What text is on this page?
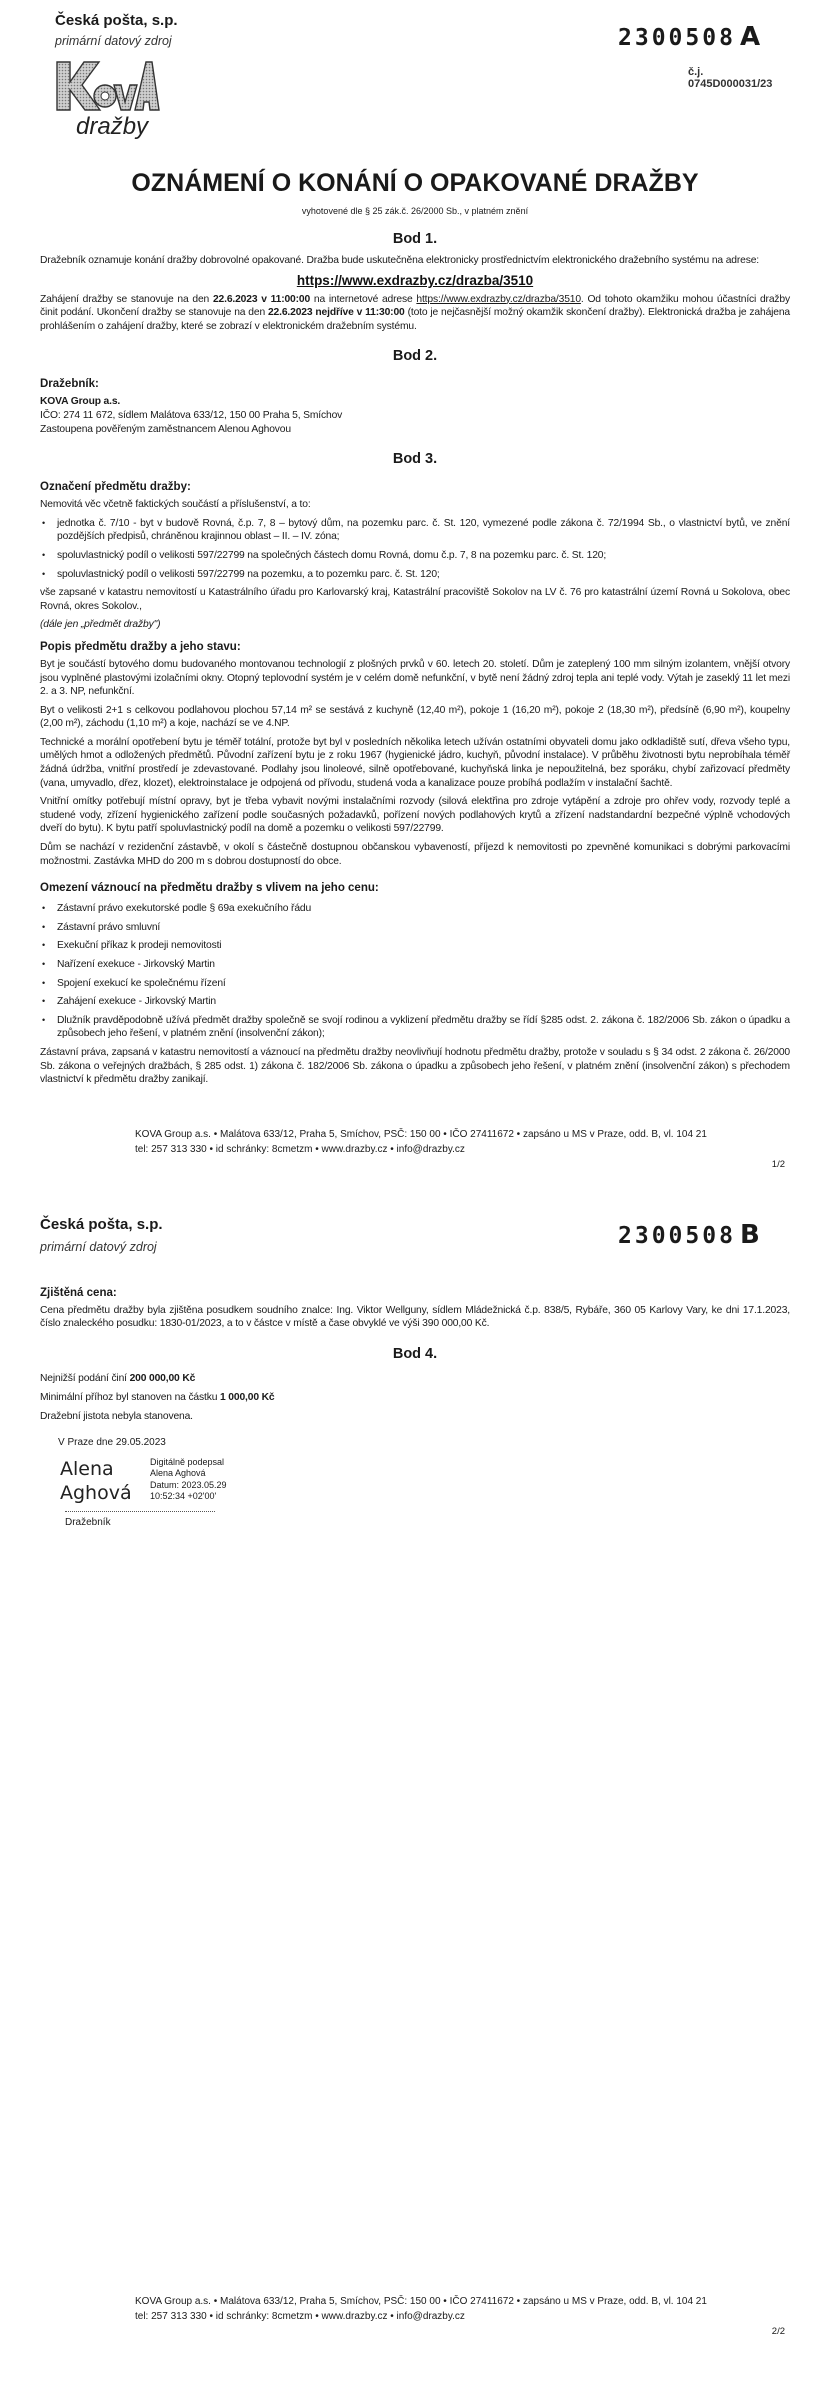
Česká pošta, s.p.
primární datový zdroj
dražby
2300508 A
č.j. 0745D000031/23
OZNÁMENÍ O KONÁNÍ O OPAKOVANÉ DRAŽBY
vyhotovené dle § 25 zák.č. 26/2000 Sb., v platném znění
Bod 1.
Dražebník oznamuje konání dražby dobrovolné opakované. Dražba bude uskutečněna elektronicky prostřednictvím elektronického dražebního systému na adrese:
https://www.exdrazby.cz/drazba/3510
Zahájení dražby se stanovuje na den 22.6.2023 v 11:00:00 na internetové adrese https://www.exdrazby.cz/drazba/3510. Od tohoto okamžiku mohou účastníci dražby činit podání. Ukončení dražby se stanovuje na den 22.6.2023 nejdříve v 11:30:00 (toto je nejčasnější možný okamžik skončení dražby). Elektronická dražba je zahájena prohlášením o zahájení dražby, které se zobrazí v elektronickém dražebním systému.
Bod 2.
Dražebník:
KOVA Group a.s.
IČO: 274 11 672, sídlem Malátova 633/12, 150 00 Praha 5, Smíchov
Zastoupena pověřeným zaměstnancem Alenou Aghovou
Bod 3.
Označení předmětu dražby:
Nemovitá věc včetně faktických součástí a příslušenství, a to:
• jednotka č. 7/10 - byt v budově Rovná, č.p. 7, 8 – bytový dům, na pozemku parc. č. St. 120, vymezené podle zákona č. 72/1994 Sb., o vlastnictví bytů, ve znění pozdějších předpisů, chráněnou krajinnou oblast – II. – IV. zóna;
• spoluvlastnický podíl o velikosti 597/22799 na společných částech domu Rovná, domu č.p. 7, 8 na pozemku parc. č. St. 120;
• spoluvlastnický podíl o velikosti 597/22799 na pozemku, a to pozemku parc. č. St. 120;
vše zapsané v katastru nemovitostí u Katastrálního úřadu pro Karlovarský kraj, Katastrální pracoviště Sokolov na LV č. 76 pro katastrální území Rovná u Sokolova, obec Rovná, okres Sokolov.,
(dále jen „předmět dražby")
Popis předmětu dražby a jeho stavu:

Byt je součástí bytového domu budovaného montovanou technologií z plošných prvků v 60. letech 20. století. Dům je zateplený 100 mm silným izolantem, vnější otvory jsou vyplněné plastovými izolačními okny. Otopný teplovodní systém je v celém domě nefunkční, v bytě není žádný zdroj tepla ani teplé vody. Výtah je zaseklý 11 let mezi 2. a 3. NP, nefunkční.

Byt o velikosti 2+1 s celkovou podlahovou plochou 57,14 m² se sestává z kuchyně (12,40 m²), pokoje 1 (16,20 m²), pokoje 2 (18,30 m²), předsíně (6,90 m²), koupelny (2,00 m²), záchodu (1,10 m²) a koje, nachází se ve 4.NP.

Technické a morální opotřebení bytu je téměř totální, protože byt byl v posledních několika letech užíván ostatními obyvateli domu jako odkladiště sutí, dřeva všeho typu, umělých hmot a odložených předmětů. Původní zařízení bytu je z roku 1967 (hygienické jádro, kuchyň, původní instalace). V průběhu životnosti bytu neprobíhala téměř žádná údržba, vnitřní prostředí je zdevastované. Podlahy jsou linoleové, silně opotřebované, kuchyňská linka je nepoužitelná, bez sporáku, chybí zařizovací předměty (vana, umyvadlo, dřez, klozet), elektroinstalace je odpojená od přívodu, studená voda a kanalizace pouze probíhá podlažím v instalační šachtě.

Vnitřní omítky potřebují místní opravy, byt je třeba vybavit novými instalačními rozvody (silová elektřina pro zdroje vytápění a zdroje pro ohřev vody, rozvody teplé a studené vody, zřízení hygienického zařízení podle současných požadavků, pořízení nových podlahových krytů a zřízení nadstandardní bezpečné výplně vchodových dveří do bytu). K bytu patří spoluvlastnický podíl na domě a pozemku o velikosti 597/22799.

Dům se nachází v rezidenční zástavbě, v okolí s částečně dostupnou občanskou vybaveností, příjezd k nemovitosti po zpevněné komunikaci s dobrými parkovacími možnostmi. Zastávka MHD do 200 m s dobrou dostupností do obce.

Omezení váznoucí na předmětu dražby s vlivem na jeho cenu:
• Zástavní právo exekutorské podle § 69a exekučního řádu
• Zástavní právo smluvní
• Exekuční příkaz k prodeji nemovitosti
• Nařízení exekuce - Jirkovský Martin
• Spojení exekucí ke společnému řízení
• Zahájení exekuce - Jirkovský Martin
• Dlužník pravděpodobně užívá předmět dražby společně se svojí rodinou a vyklizení předmětu dražby se řídí §285 odst. 2. zákona č. 182/2006 Sb. zákon o úpadku a způsobech jeho řešení, v platném znění (insolvenční zákon);
Zástavní práva, zapsaná v katastru nemovitostí a váznoucí na předmětu dražby neovlivňují hodnotu předmětu dražby, protože v souladu s § 34 odst. 2 zákona č. 26/2000 Sb. zákona o veřejných dražbách, § 285 odst. 1) zákona č. 182/2006 Sb. zákona o úpadku a způsobech jeho řešení, v platném znění (insolvenční zákon) s přechodem vlastnictví k předmětu dražby zanikají.
KOVA Group a.s. • Malátova 633/12, Praha 5, Smíchov, PSČ: 150 00 • IČO 27411672 • zapsáno u MS v Praze, odd. B, vl. 104 21
tel: 257 313 330 • id schránky: 8cmetzm • www.drazby.cz • info@drazby.cz
1/2
Česká pošta, s.p.
primární datový zdroj	2300508 B
Zjištěná cena:
Cena předmětu dražby byla zjištěna posudkem soudního znalce: Ing. Viktor Wellguny, sídlem Mládežnická č.p. 838/5, Rybáře, 360 05 Karlovy Vary, ke dni 17.1.2023, číslo znaleckého posudku: 1830-01/2023, a to v částce v místě a čase obvyklé ve výši 390 000,00 Kč.
Bod 4.
Nejnižší podání činí 200 000,00 Kč
Minimální příhoz byl stanoven na částku 1 000,00 Kč
Dražební jistota nebyla stanovena.
V Praze dne 29.05.2023
Alena
Aghová
Digitálně podepsal
Alena Aghová
Datum: 2023.05.29
10:52:34 +02'00'
Dražebník
KOVA Group a.s. • Malátova 633/12, Praha 5, Smíchov, PSČ: 150 00 • IČO 27411672 • zapsáno u MS v Praze, odd. B, vl. 104 21
tel: 257 313 330 • id schránky: 8cmetzm • www.drazby.cz • info@drazby.cz
2/2
